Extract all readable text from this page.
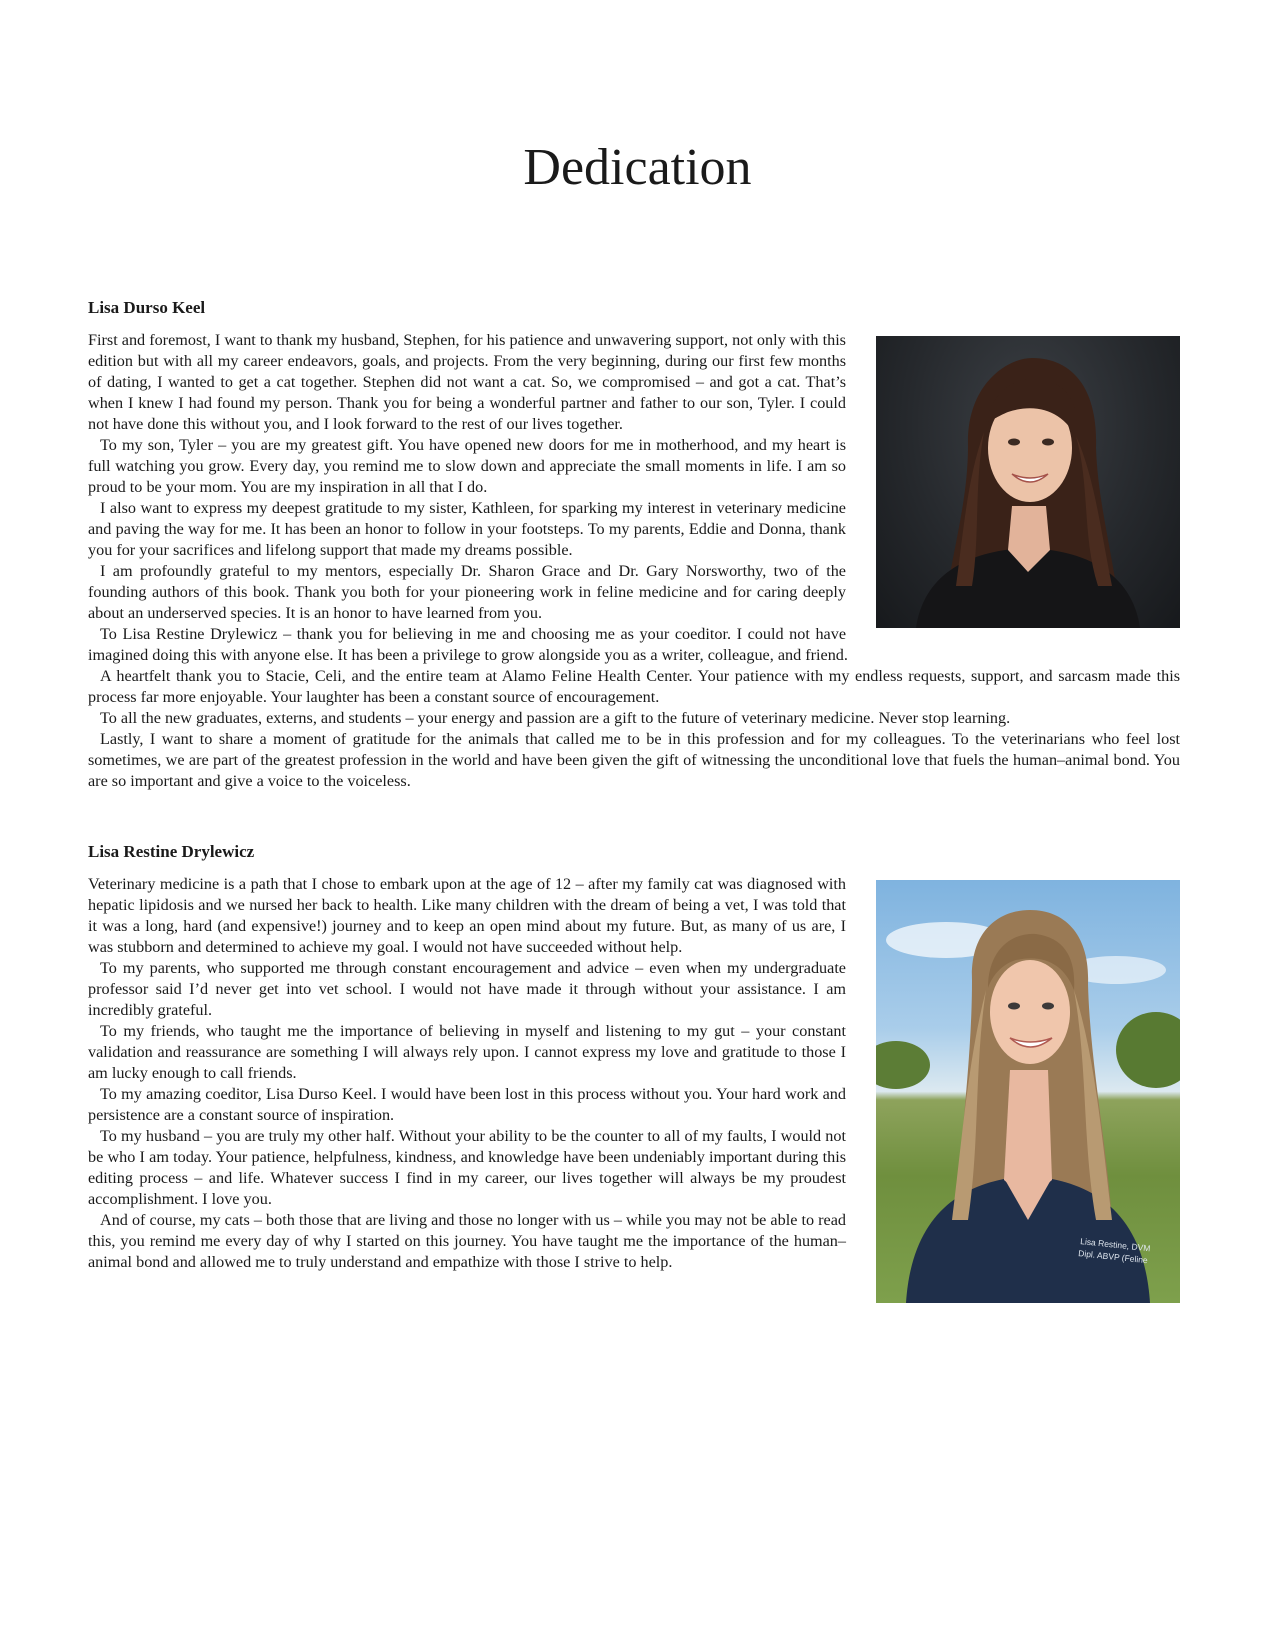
Dedication
Lisa Durso Keel

First and foremost, I want to thank my husband, Stephen, for his patience and unwavering support, not only with this edition but with all my career endeavors, goals, and projects. From the very beginning, during our first few months of dating, I wanted to get a cat together. Stephen did not want a cat. So, we compromised – and got a cat. That’s when I knew I had found my person. Thank you for being a wonderful partner and father to our son, Tyler. I could not have done this without you, and I look forward to the rest of our lives together.

To my son, Tyler – you are my greatest gift. You have opened new doors for me in motherhood, and my heart is full watching you grow. Every day, you remind me to slow down and appreciate the small moments in life. I am so proud to be your mom. You are my inspiration in all that I do.

I also want to express my deepest gratitude to my sister, Kathleen, for sparking my interest in veterinary medicine and paving the way for me. It has been an honor to follow in your footsteps. To my parents, Eddie and Donna, thank you for your sacrifices and lifelong support that made my dreams possible.

I am profoundly grateful to my mentors, especially Dr. Sharon Grace and Dr. Gary Norsworthy, two of the founding authors of this book. Thank you both for your pioneering work in feline medicine and for caring deeply about an underserved species. It is an honor to have learned from you.

To Lisa Restine Drylewicz – thank you for believing in me and choosing me as your coeditor. I could not have imagined doing this with anyone else. It has been a privilege to grow alongside you as a writer, colleague, and friend.

A heartfelt thank you to Stacie, Celi, and the entire team at Alamo Feline Health Center. Your patience with my endless requests, support, and sarcasm made this process far more enjoyable. Your laughter has been a constant source of encouragement.

To all the new graduates, externs, and students – your energy and passion are a gift to the future of veterinary medicine. Never stop learning.

Lastly, I want to share a moment of gratitude for the animals that called me to be in this profession and for my colleagues. To the veterinarians who feel lost sometimes, we are part of the greatest profession in the world and have been given the gift of witnessing the unconditional love that fuels the human–animal bond. You are so important and give a voice to the voiceless.

Lisa Restine Drylewicz
Lisa Restine, DVM
Dipl. ABVP (Feline

Veterinary medicine is a path that I chose to embark upon at the age of 12 – after my family cat was diagnosed with hepatic lipidosis and we nursed her back to health. Like many children with the dream of being a vet, I was told that it was a long, hard (and expensive!) journey and to keep an open mind about my future. But, as many of us are, I was stubborn and determined to achieve my goal. I would not have succeeded without help.

To my parents, who supported me through constant encouragement and advice – even when my undergraduate professor said I’d never get into vet school. I would not have made it through without your assistance. I am incredibly grateful.

To my friends, who taught me the importance of believing in myself and listening to my gut – your constant validation and reassurance are something I will always rely upon. I cannot express my love and gratitude to those I am lucky enough to call friends.

To my amazing coeditor, Lisa Durso Keel. I would have been lost in this process without you. Your hard work and persistence are a constant source of inspiration.

To my husband – you are truly my other half. Without your ability to be the counter to all of my faults, I would not be who I am today. Your patience, helpfulness, kindness, and knowledge have been undeniably important during this editing process – and life. Whatever success I find in my career, our lives together will always be my proudest accomplishment. I love you.

And of course, my cats – both those that are living and those no longer with us – while you may not be able to read this, you remind me every day of why I started on this journey. You have taught me the importance of the human–animal bond and allowed me to truly understand and empathize with those I strive to help.
